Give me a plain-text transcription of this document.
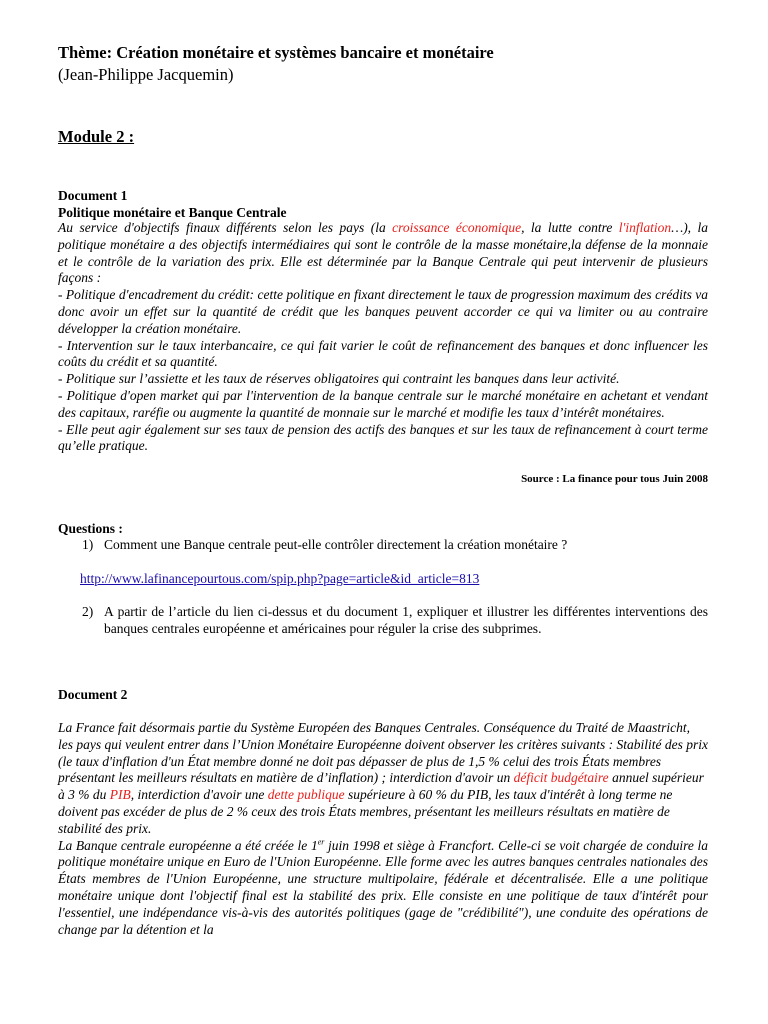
Thème: Création monétaire et systèmes bancaire et monétaire
(Jean-Philippe Jacquemin)
Module 2 :
Document 1
Politique monétaire et Banque Centrale

Au service d'objectifs finaux différents selon les pays (la croissance économique, la lutte contre l'inflation…), la politique monétaire a des objectifs intermédiaires qui sont le contrôle de la masse monétaire,la défense de la monnaie et le contrôle de la variation des prix. Elle est déterminée par la Banque Centrale qui peut intervenir de plusieurs façons :

- Politique d'encadrement du crédit: cette politique en fixant directement le taux de progression maximum des crédits va donc avoir un effet sur la quantité de crédit que les banques peuvent accorder ce qui va limiter ou au contraire développer la création monétaire.

- Intervention sur le taux interbancaire, ce qui fait varier le coût de refinancement des banques et donc influencer les coûts du crédit et sa quantité.

- Politique sur l’assiette et les taux de réserves obligatoires qui contraint les banques dans leur activité.

- Politique d'open market qui par l'intervention de la banque centrale sur le marché monétaire en achetant et vendant des capitaux, raréfie ou augmente la quantité de monnaie sur le marché et modifie les taux d’intérêt monétaires.

- Elle peut agir également sur ses taux de pension des actifs des banques et sur les taux de refinancement à court terme qu’elle pratique.

Source : La finance pour tous Juin 2008
Questions :
1) Comment une Banque centrale peut-elle contrôler directement la création monétaire ?
http://www.lafinancepourtous.com/spip.php?page=article&id_article=813
2) A partir de l’article du lien ci-dessus et du document 1, expliquer et illustrer les différentes interventions des banques centrales européenne et américaines pour réguler la crise des subprimes.
Document 2

La France fait désormais partie du Système Européen des Banques Centrales. Conséquence du Traité de Maastricht, les pays qui veulent entrer dans l’Union Monétaire Européenne doivent observer les critères suivants : Stabilité des prix (le taux d'inflation d'un État membre donné ne doit pas dépasser de plus de 1,5 % celui des trois États membres présentant les meilleurs résultats en matière de d’inflation) ; interdiction d'avoir un déficit budgétaire annuel supérieur à 3 % du PIB, interdiction d'avoir une dette publique supérieure à 60 % du PIB, les taux d'intérêt à long terme ne doivent pas excéder de plus de 2 % ceux des trois États membres, présentant les meilleurs résultats en matière de stabilité des prix.

La Banque centrale européenne a été créée le 1er juin 1998 et siège à Francfort. Celle-ci se voit chargée de conduire la politique monétaire unique en Euro de l'Union Européenne. Elle forme avec les autres banques centrales nationales des États membres de l'Union Européenne, une structure multipolaire, fédérale et décentralisée. Elle a une politique monétaire unique dont l'objectif final est la stabilité des prix. Elle consiste en une politique de taux d'intérêt pour l'essentiel, une indépendance vis-à-vis des autorités politiques (gage de "crédibilité"), une conduite des opérations de change par la détention et la
